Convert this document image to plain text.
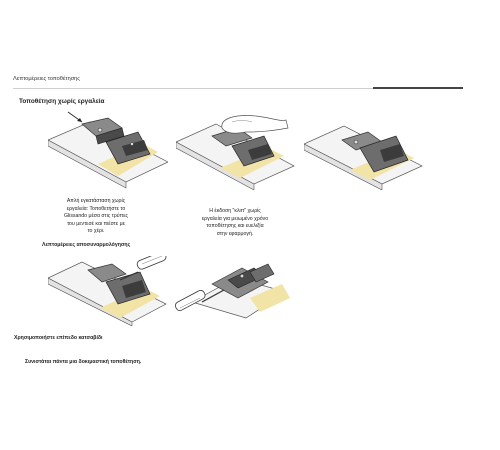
Λεπτομέρειες τοποθέτησης
Τοποθέτηση χωρίς εργαλεία
Απλή εγκατάσταση χωρίς
εργαλεία: Τοποθετήστε το
Glissando μέσα στις τρύπες
του μεντεσέ και πιέστε με
το χέρι.
Η έκδοση "κλιπ" χωρίς
εργαλεία για μειωμένο χρόνο
τοποθέτησης και ευελιξία
στην εφαρμογή.
Λεπτομέρειες αποσυναρμολόγησης
Χρησιμοποιήστε επίπεδο κατσαβίδι
Συνιστάται πάντα μια δοκιμαστική τοποθέτηση.
